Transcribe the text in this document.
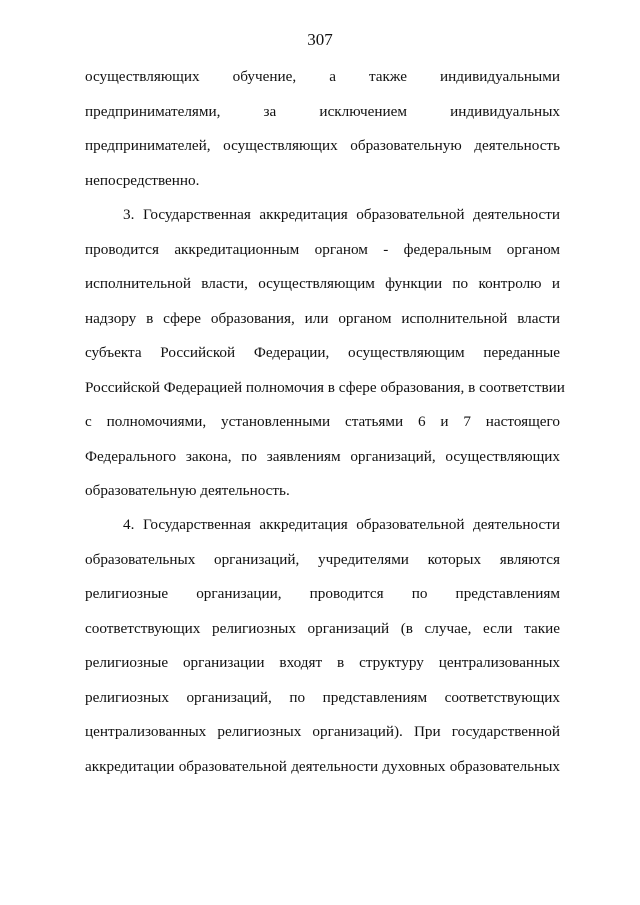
307
осуществляющих обучение, а также индивидуальными
предпринимателями, за исключением индивидуальных
предпринимателей, осуществляющих образовательную деятельность
непосредственно.
3. Государственная аккредитация образовательной деятельности
проводится аккредитационным органом - федеральным органом
исполнительной власти, осуществляющим функции по контролю и
надзору в сфере образования, или органом исполнительной власти
субъекта Российской Федерации, осуществляющим переданные
Российской Федерацией полномочия в сфере образования, в соответствии
с полномочиями, установленными статьями 6 и 7 настоящего
Федерального закона, по заявлениям организаций, осуществляющих
образовательную деятельность.
4. Государственная аккредитация образовательной деятельности
образовательных организаций, учредителями которых являются
религиозные организации, проводится по представлениям
соответствующих религиозных организаций (в случае, если такие
религиозные организации входят в структуру централизованных
религиозных организаций, по представлениям соответствующих
централизованных религиозных организаций). При государственной
аккредитации образовательной деятельности духовных образовательных
